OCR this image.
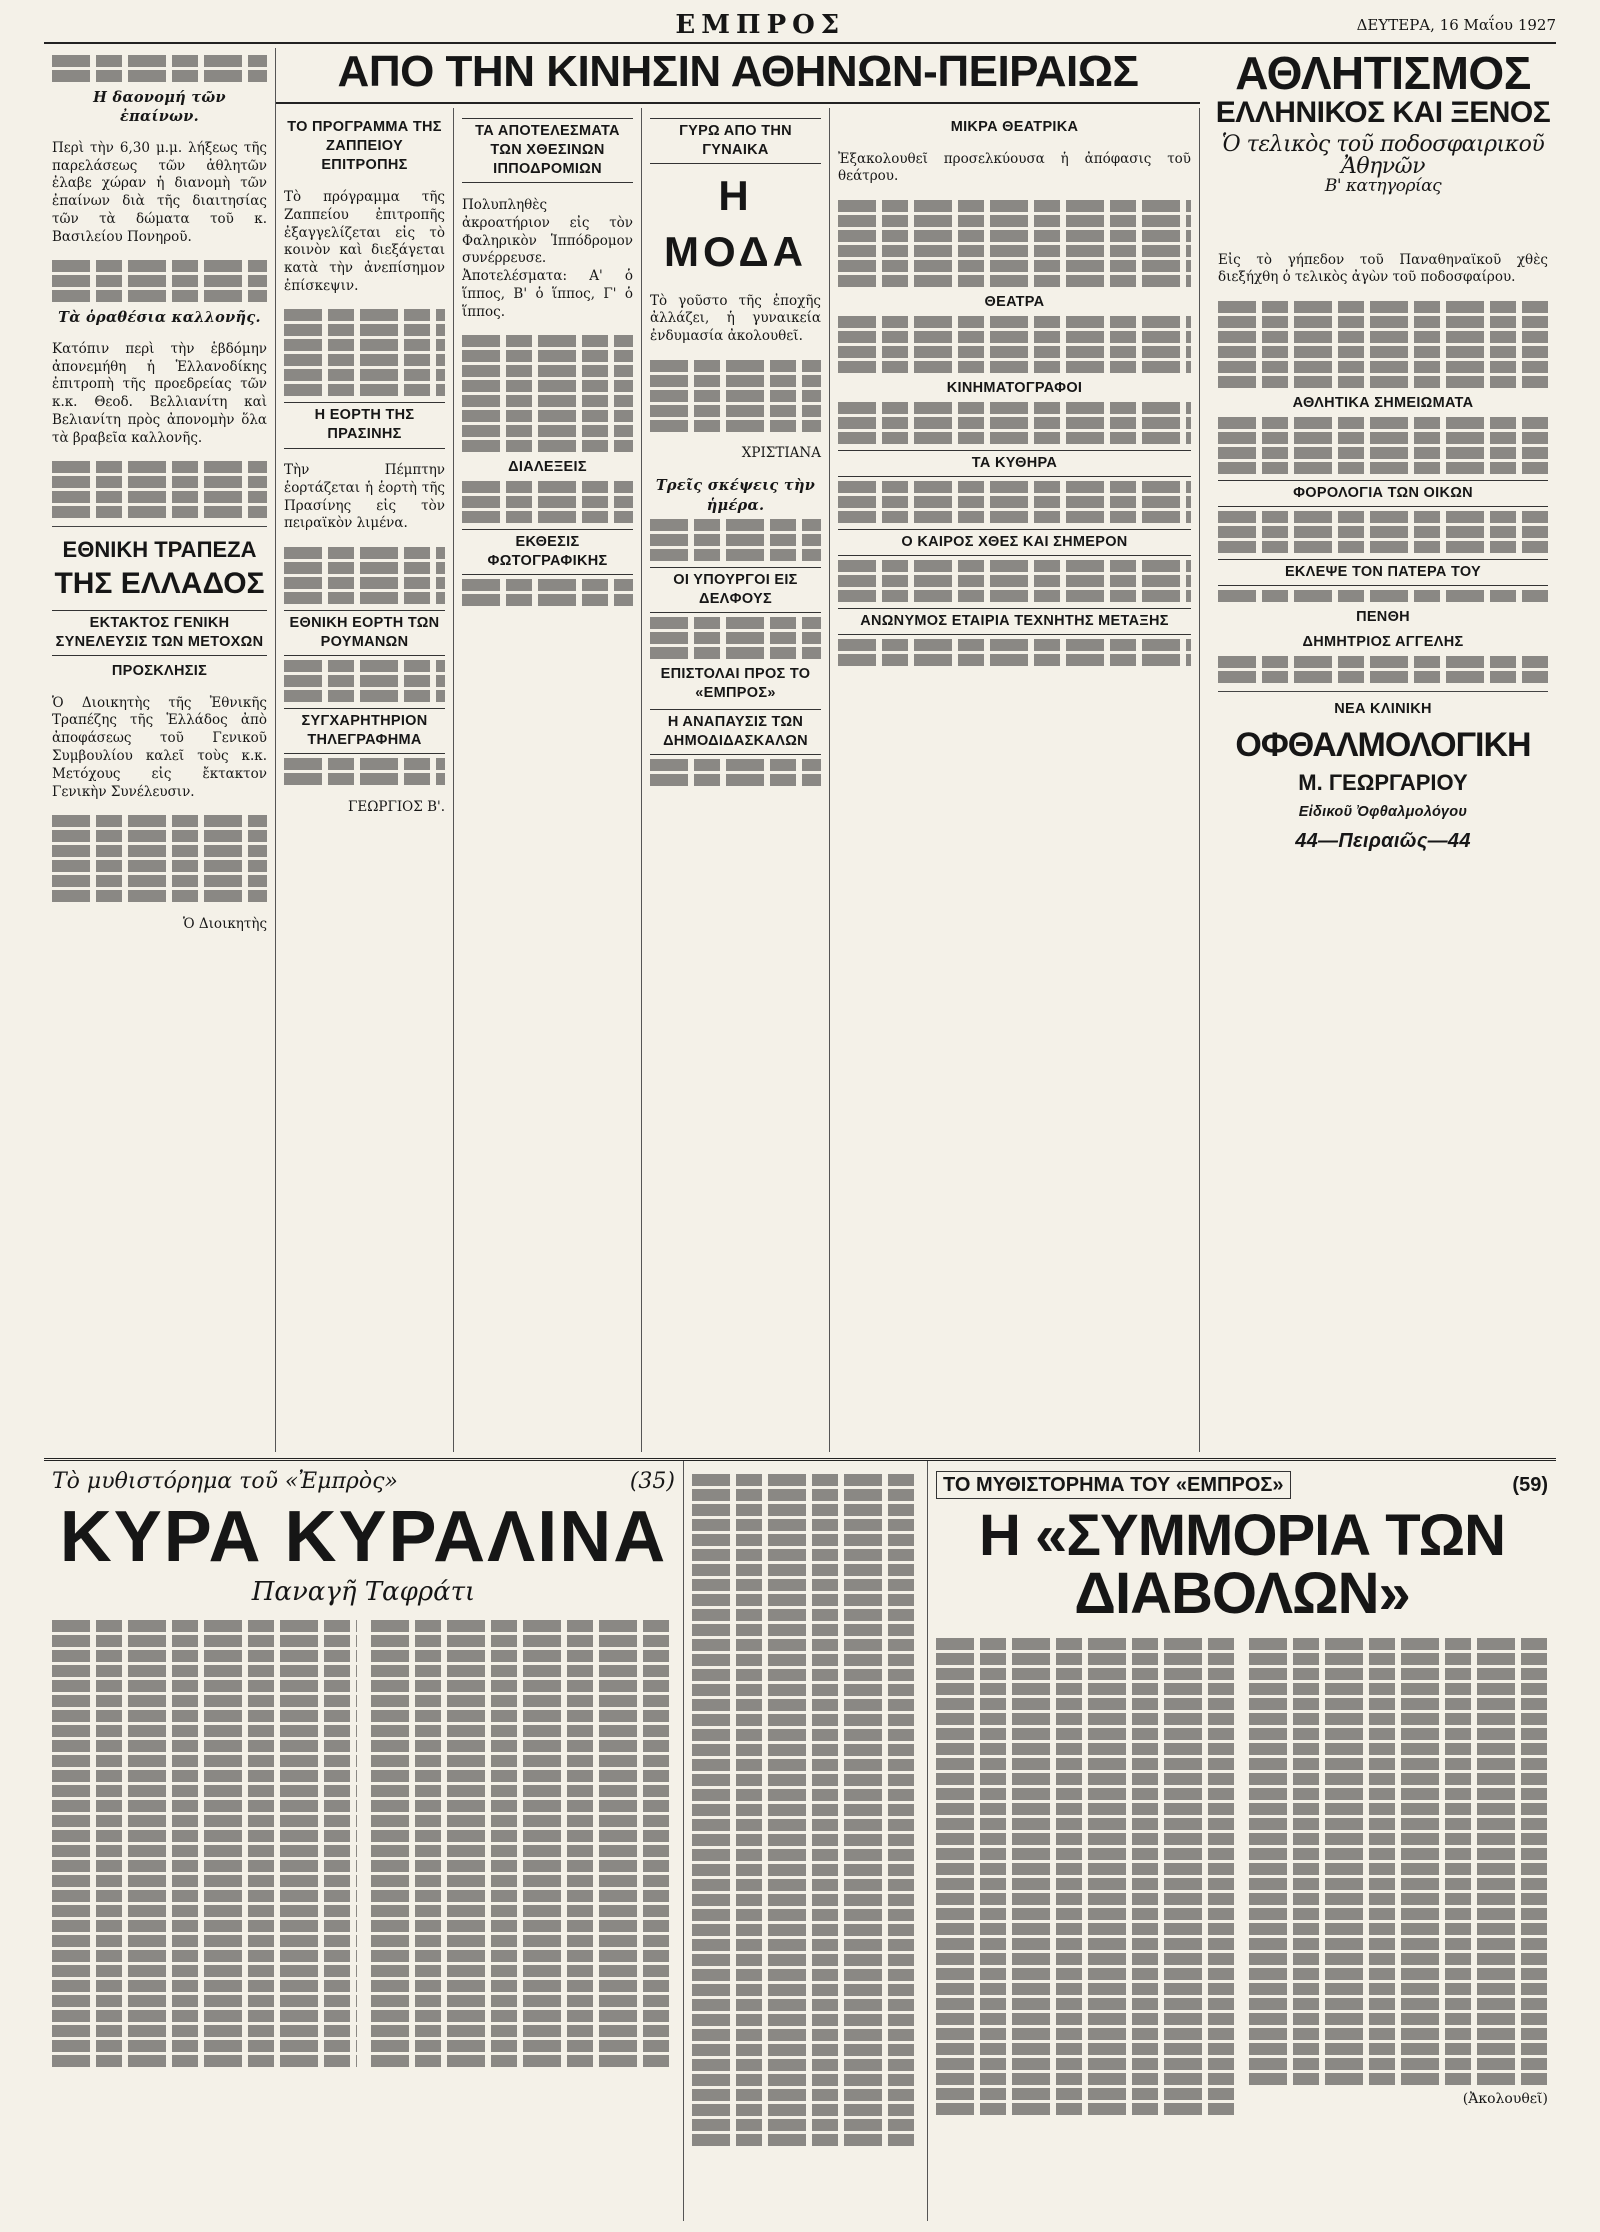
ΕΜΠΡΟΣ	ΔΕΥΤΕΡΑ, 16 Μαΐου 1927
Η δαονομή τῶν ἐπαίνων.

Περὶ τὴν 6,30 μ.μ. λήξεως τῆς παρελάσεως τῶν ἀθλητῶν ἐλαβε χώραν ἡ διανομὴ τῶν ἐπαίνων διὰ τῆς διαιτησίας τῶν τὰ δώματα τοῦ κ. Βασιλείου Πονηροῦ.

Τὰ ὁραθέσια καλλονῆς.

Κατόπιν περὶ τὴν ἑβδόμην ἀπονεμήθη ἡ Ἑλλανοδίκης ἐπιτροπὴ τῆς προεδρείας τῶν κ.κ. Θεοδ. Βελλιανίτη καὶ Βελιανίτη πρὸς ἀπονομὴν ὅλα τὰ βραβεῖα καλλονῆς.

ΕΘΝΙΚΗ ΤΡΑΠΕΖΑ
ΤΗΣ ΕΛΛΑΔΟΣ
ΕΚΤΑΚΤΟΣ ΓΕΝΙΚΗ ΣΥΝΕΛΕΥΣΙΣ ΤΩΝ ΜΕΤΟΧΩΝ
ΠΡΟΣΚΛΗΣΙΣ

Ὁ Διοικητὴς τῆς Ἐθνικῆς Τραπέζης τῆς Ἑλλάδος ἀπὸ ἀποφάσεως τοῦ Γενικοῦ Συμβουλίου καλεῖ τοὺς κ.κ. Μετόχους εἰς ἔκτακτον Γενικὴν Συνέλευσιν.

Ὁ Διοικητὴς

ΑΠΟ ΤΗΝ ΚΙΝΗΣΙΝ ΑΘΗΝΩΝ-ΠΕΙΡΑΙΩΣ
ΤΟ ΠΡΟΓΡΑΜΜΑ ΤΗΣ ΖΑΠΠΕΙΟΥ ΕΠΙΤΡΟΠΗΣ

Τὸ πρόγραμμα τῆς Ζαππείου ἐπιτροπῆς ἐξαγγελίζεται εἰς τὸ κοινὸν καὶ διεξάγεται κατὰ τὴν ἀνεπίσημον ἐπίσκεψιν.

Η ΕΟΡΤΗ ΤΗΣ ΠΡΑΣΙΝΗΣ

Τὴν Πέμπτην ἑορτάζεται ἡ ἑορτὴ τῆς Πρασίνης εἰς τὸν πειραϊκὸν λιμένα.

ΕΘΝΙΚΗ ΕΟΡΤΗ ΤΩΝ ΡΟΥΜΑΝΩΝ
ΣΥΓΧΑΡΗΤΗΡΙΟΝ ΤΗΛΕΓΡΑΦΗΜΑ

ΓΕΩΡΓΙΟΣ Β'.

ΤΑ ΑΠΟΤΕΛΕΣΜΑΤΑ ΤΩΝ ΧΘΕΣΙΝΩΝ ΙΠΠΟΔΡΟΜΙΩΝ

Πολυπληθὲς ἀκροατήριον εἰς τὸν Φαληρικὸν Ἱππόδρομον συνέρρευσε. Ἀποτελέσματα: Α' ὁ ἵππος, Β' ὁ ἵππος, Γ' ὁ ἵππος.

ΔΙΑΛΕΞΕΙΣ
ΕΚΘΕΣΙΣ ΦΩΤΟΓΡΑΦΙΚΗΣ
ΓΥΡΩ ΑΠΟ ΤΗΝ ΓΥΝΑΙΚΑ
Η ΜΟΔΑ

Τὸ γοῦστο τῆς ἐποχῆς ἀλλάζει, ἡ γυναικεία ἐνδυμασία ἀκολουθεῖ.

ΧΡΙΣΤΙΑΝΑ

Τρεῖς σκέψεις τὴν ἡμέρα.
ΟΙ ΥΠΟΥΡΓΟΙ ΕΙΣ ΔΕΛΦΟΥΣ
ΕΠΙΣΤΟΛΑΙ ΠΡΟΣ ΤΟ «ΕΜΠΡΟΣ»
Η ΑΝΑΠΑΥΣΙΣ ΤΩΝ ΔΗΜΟΔΙΔΑΣΚΑΛΩΝ
ΜΙΚΡΑ ΘΕΑΤΡΙΚΑ

Ἐξακολουθεῖ προσελκύουσα ἡ ἀπόφασις τοῦ θεάτρου.

ΘΕΑΤΡΑ
ΚΙΝΗΜΑΤΟΓΡΑΦΟΙ
ΤΑ ΚΥΘΗΡΑ
Ο ΚΑΙΡΟΣ ΧΘΕΣ ΚΑΙ ΣΗΜΕΡΟΝ
ΑΝΩΝΥΜΟΣ ΕΤΑΙΡΙΑ ΤΕΧΝΗΤΗΣ ΜΕΤΑΞΗΣ
ΑΘΛΗΤΙΣΜΟΣ
ΕΛΛΗΝΙΚΟΣ ΚΑΙ ΞΕΝΟΣ
Ὁ τελικὸς τοῦ ποδοσφαιρικοῦ Ἀθηνῶν
Β' κατηγορίας

Εἰς τὸ γήπεδον τοῦ Παναθηναϊκοῦ χθὲς διεξήχθη ὁ τελικὸς ἀγὼν τοῦ ποδοσφαίρου.

ΑΘΛΗΤΙΚΑ ΣΗΜΕΙΩΜΑΤΑ
ΦΟΡΟΛΟΓΙΑ ΤΩΝ ΟΙΚΩΝ
ΕΚΛΕΨΕ ΤΟΝ ΠΑΤΕΡΑ ΤΟΥ
ΠΕΝΘΗ
ΔΗΜΗΤΡΙΟΣ ΑΓΓΕΛΗΣ
ΝΕΑ ΚΛΙΝΙΚΗ
ΟΦΘΑΛΜΟΛΟΓΙΚΗ
Μ. ΓΕΩΡΓΑΡΙΟΥ
Εἰδικοῦ Ὀφθαλμολόγου
44—Πειραιῶς—44
Τὸ μυθιστόρημα τοῦ «Ἐμπρὸς»	(35)
ΚΥΡΑ ΚΥΡΑΛΙΝΑ
Παναγῆ Ταφράτι
ΤΟ ΜΥΘΙΣΤΟΡΗΜΑ ΤΟΥ «ΕΜΠΡΟΣ»	(59)
Η «ΣΥΜΜΟΡΙΑ ΤΩΝ ΔΙΑΒΟΛΩΝ»

(Ἀκολουθεῖ)
